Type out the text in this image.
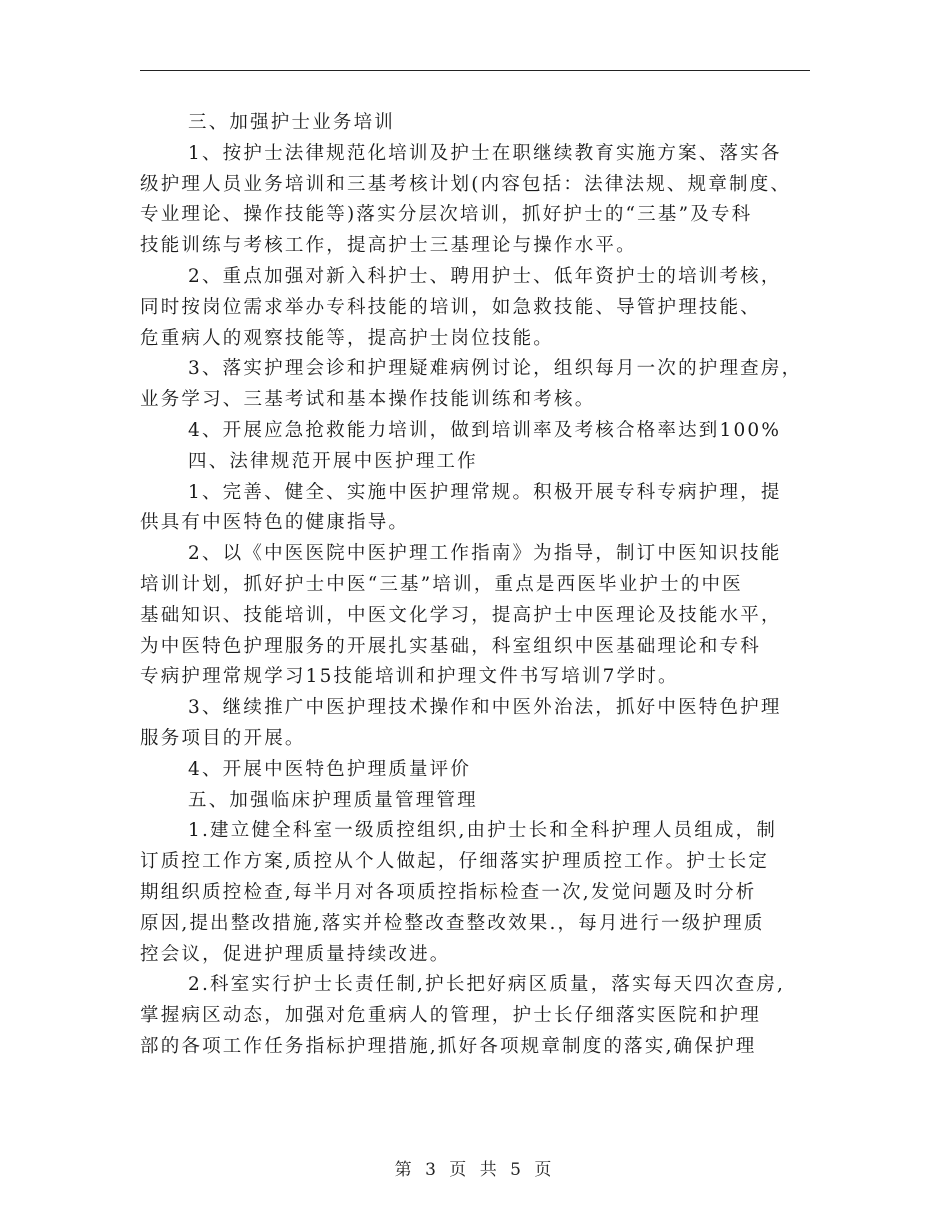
三、加强护士业务培训
1、按护士法律规范化培训及护士在职继续教育实施方案、落实各
级护理人员业务培训和三基考核计划(内容包括：法律法规、规章制度、
专业理论、操作技能等)落实分层次培训，抓好护士的“三基”及专科
技能训练与考核工作，提高护士三基理论与操作水平。
2、重点加强对新入科护士、聘用护士、低年资护士的培训考核，
同时按岗位需求举办专科技能的培训，如急救技能、导管护理技能、
危重病人的观察技能等，提高护士岗位技能。
3、落实护理会诊和护理疑难病例讨论，组织每月一次的护理查房，
业务学习、三基考试和基本操作技能训练和考核。
4、开展应急抢救能力培训，做到培训率及考核合格率达到100%
四、法律规范开展中医护理工作
1、完善、健全、实施中医护理常规。积极开展专科专病护理，提
供具有中医特色的健康指导。
2、以《中医医院中医护理工作指南》为指导，制订中医知识技能
培训计划，抓好护士中医“三基”培训，重点是西医毕业护士的中医
基础知识、技能培训，中医文化学习，提高护士中医理论及技能水平，
为中医特色护理服务的开展扎实基础，科室组织中医基础理论和专科
专病护理常规学习15技能培训和护理文件书写培训7学时。
3、继续推广中医护理技术操作和中医外治法，抓好中医特色护理
服务项目的开展。
4、开展中医特色护理质量评价
五、加强临床护理质量管理管理
1.建立健全科室一级质控组织,由护士长和全科护理人员组成，制
订质控工作方案,质控从个人做起，仔细落实护理质控工作。护士长定
期组织质控检查,每半月对各项质控指标检查一次,发觉问题及时分析
原因,提出整改措施,落实并检整改查整改效果.，每月进行一级护理质
控会议，促进护理质量持续改进。
2.科室实行护士长责任制,护长把好病区质量，落实每天四次查房,
掌握病区动态，加强对危重病人的管理，护士长仔细落实医院和护理
部的各项工作任务指标护理措施,抓好各项规章制度的落实,确保护理
第 3 页 共 5 页
